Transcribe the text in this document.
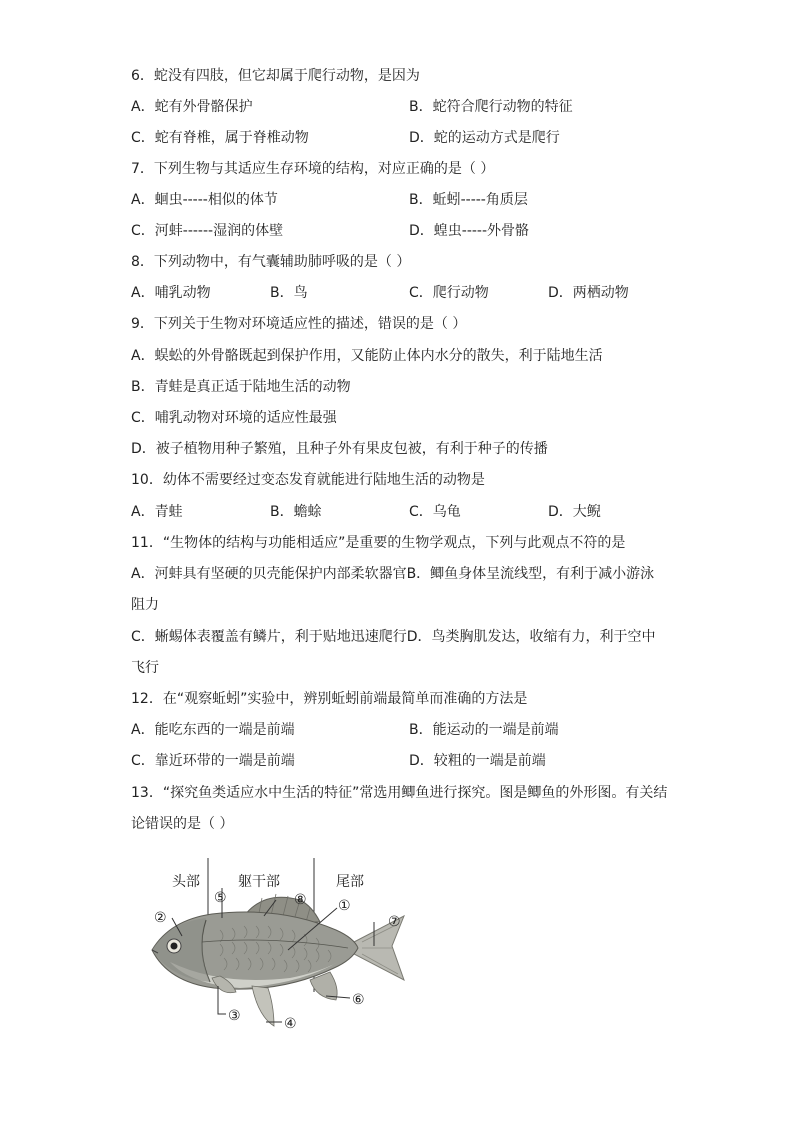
6．蛇没有四肢，但它却属于爬行动物，是因为
A．蛇有外骨骼保护	B．蛇符合爬行动物的特征
C．蛇有脊椎，属于脊椎动物	D．蛇的运动方式是爬行
7．下列生物与其适应生存环境的结构，对应正确的是（ ）
A．蛔虫-----相似的体节	B．蚯蚓-----角质层
C．河蚌------湿润的体壁	D．蝗虫-----外骨骼
8．下列动物中，有气囊辅助肺呼吸的是（ ）
A．哺乳动物	B．鸟	C．爬行动物	D．两栖动物
9．下列关于生物对环境适应性的描述，错误的是（ ）
A．蜈蚣的外骨骼既起到保护作用，又能防止体内水分的散失，利于陆地生活
B．青蛙是真正适于陆地生活的动物
C．哺乳动物对环境的适应性最强
D．被子植物用种子繁殖，且种子外有果皮包被，有利于种子的传播
10．幼体不需要经过变态发育就能进行陆地生活的动物是
A．青蛙	B．蟾蜍	C．乌龟	D．大鲵
11．“生物体的结构与功能相适应”是重要的生物学观点，下列与此观点不符的是
A．河蚌具有坚硬的贝壳能保护内部柔软器官B．鲫鱼身体呈流线型，有利于减小游泳
阻力
C．蜥蜴体表覆盖有鳞片，利于贴地迅速爬行D．鸟类胸肌发达，收缩有力，利于空中
飞行
12．在“观察蚯蚓”实验中，辨别蚯蚓前端最简单而准确的方法是
A．能吃东西的一端是前端	B．能运动的一端是前端
C．靠近环带的一端是前端	D．较粗的一端是前端
13．“探究鱼类适应水中生活的特征”常选用鲫鱼进行探究。图是鲫鱼的外形图。有关结
论错误的是（ ）
头部	躯干部	尾部
①
②
③	④
⑤
⑥
⑦
⑧
